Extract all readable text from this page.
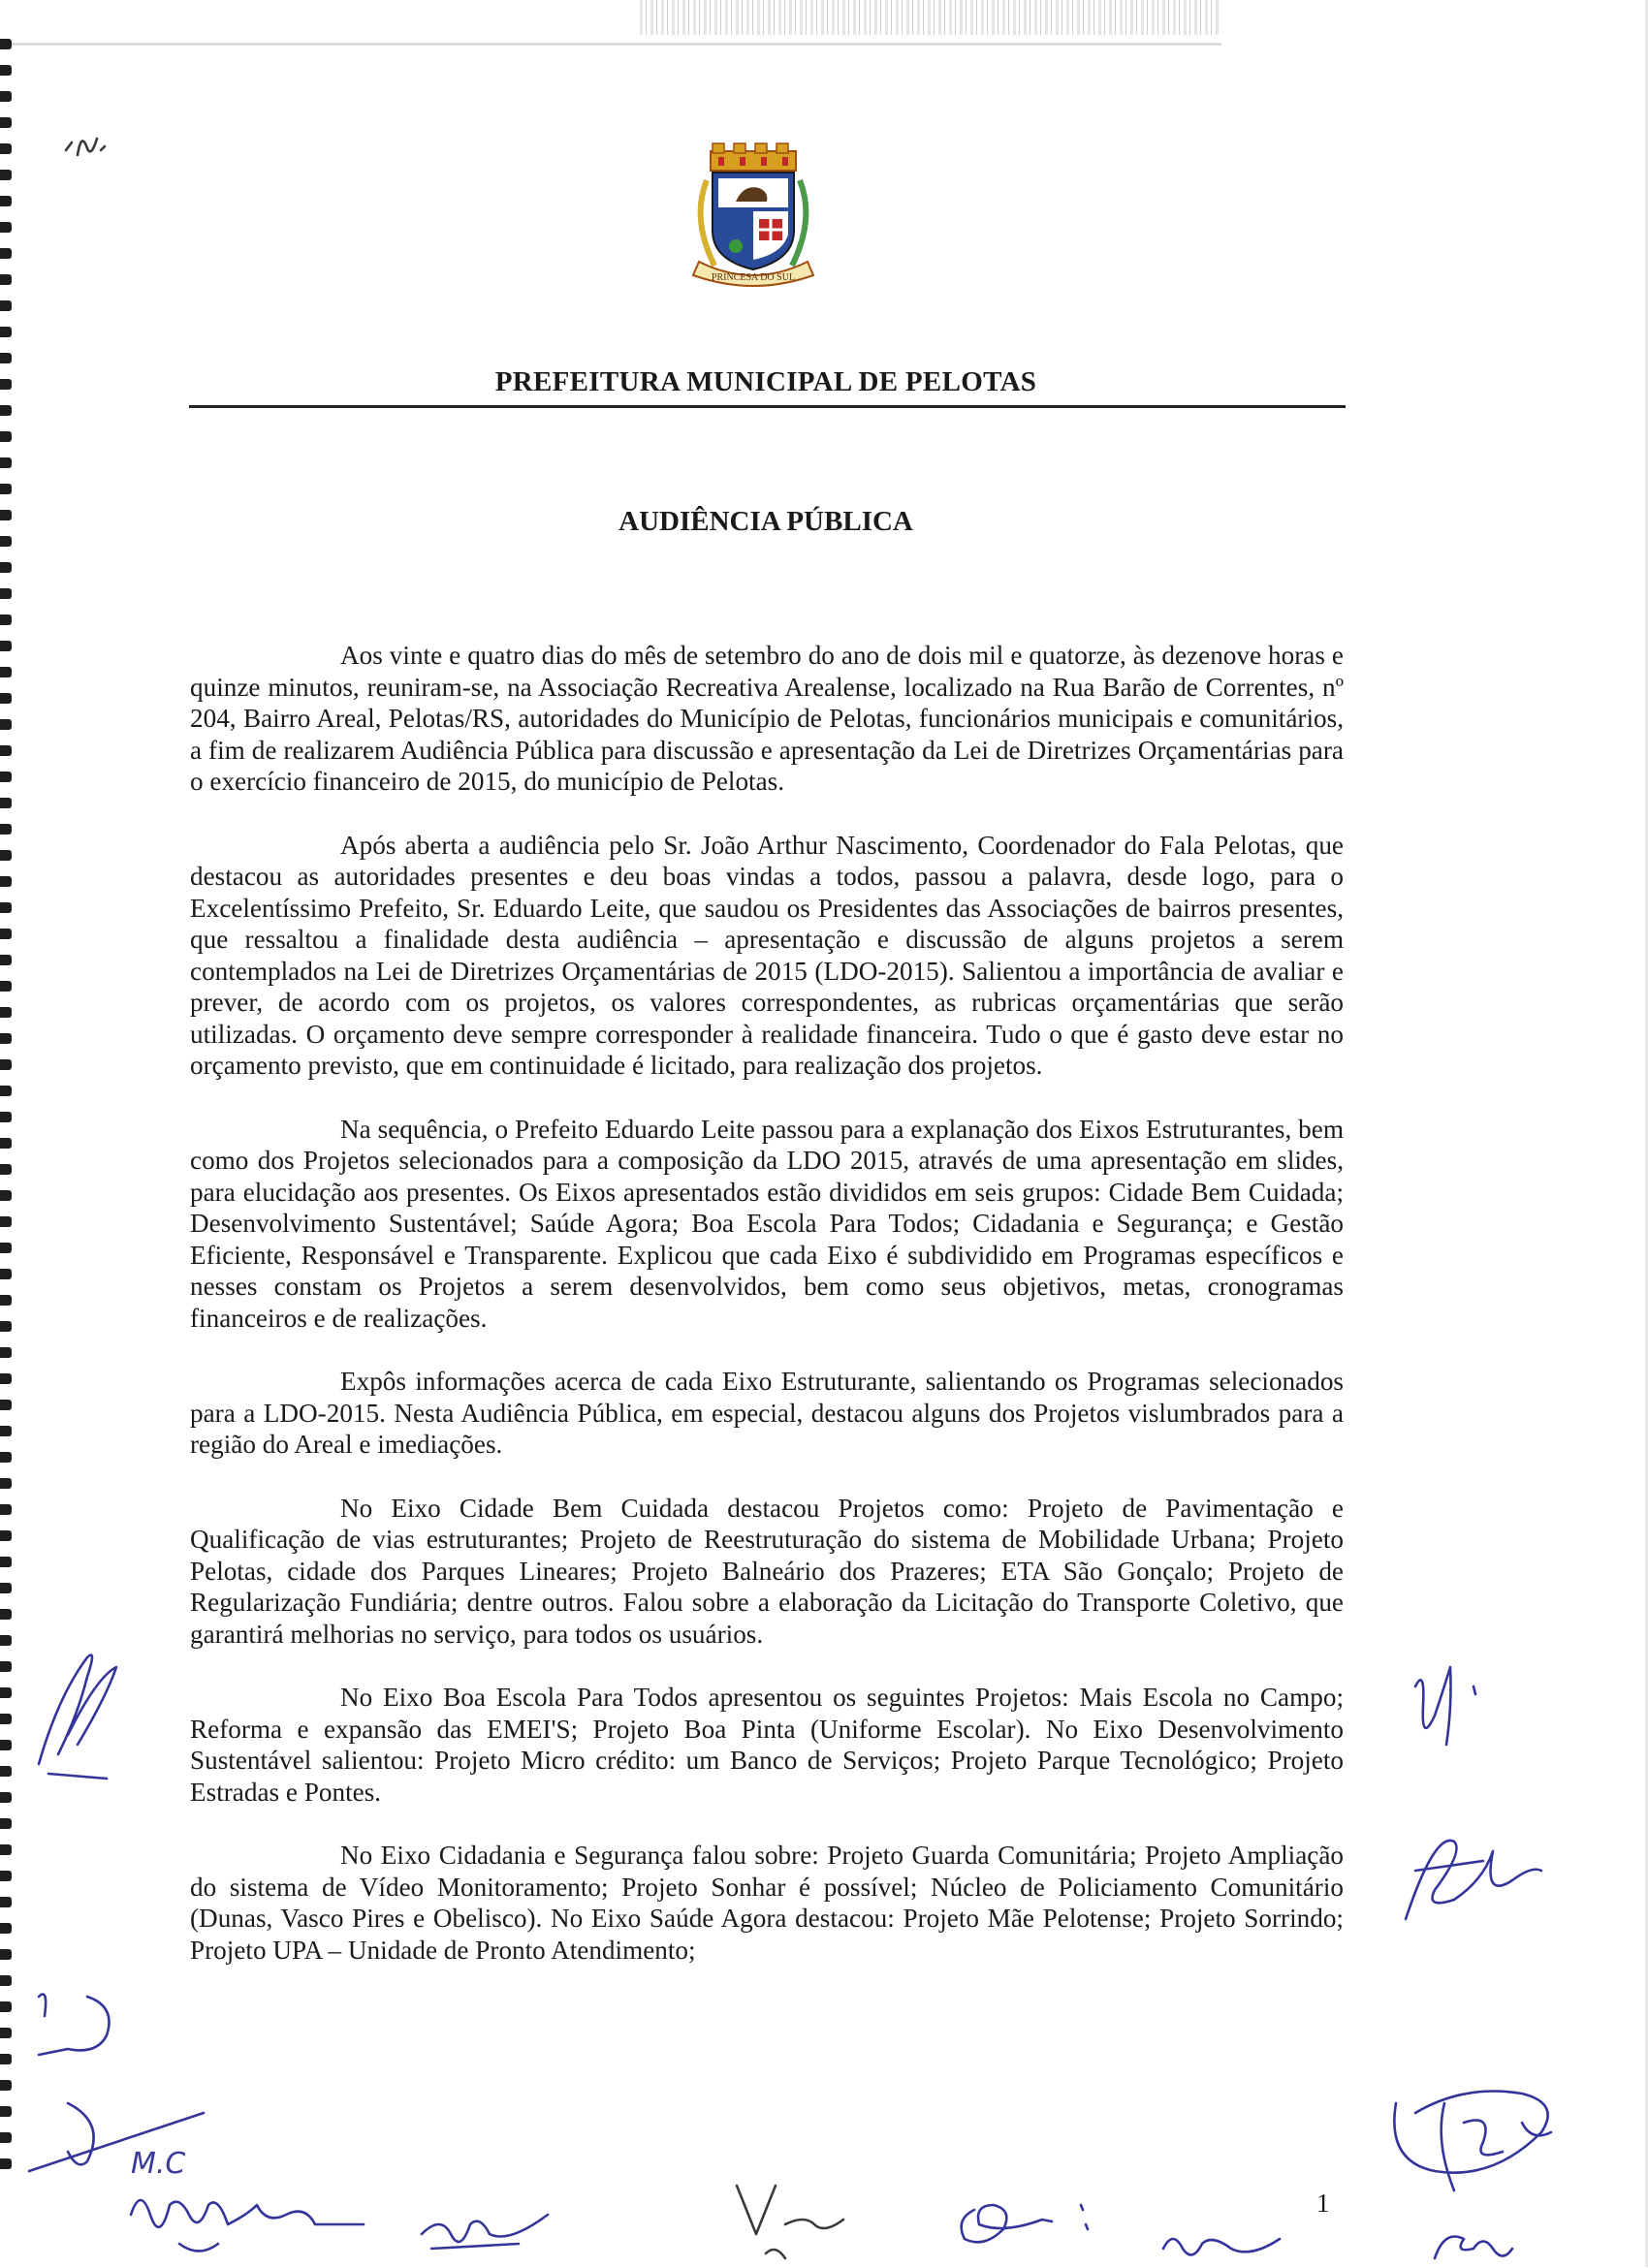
PRINCESA DO SUL
PREFEITURA MUNICIPAL DE PELOTAS
AUDIÊNCIA PÚBLICA

Aos vinte e quatro dias do mês de setembro do ano de dois mil e quatorze, às dezenove horas e quinze minutos, reuniram-se, na Associação Recreativa Arealense, localizado na Rua Barão de Correntes, nº 204, Bairro Areal, Pelotas/RS, autoridades do Município de Pelotas, funcionários municipais e comunitários, a fim de realizarem Audiência Pública para discussão e apresentação da Lei de Diretrizes Orçamentárias para o exercício financeiro de 2015, do município de Pelotas.

Após aberta a audiência pelo Sr. João Arthur Nascimento, Coordenador do Fala Pelotas, que destacou as autoridades presentes e deu boas vindas a todos, passou a palavra, desde logo, para o Excelentíssimo Prefeito, Sr. Eduardo Leite, que saudou os Presidentes das Associações de bairros presentes, que ressaltou a finalidade desta audiência – apresentação e discussão de alguns projetos a serem contemplados na Lei de Diretrizes Orçamentárias de 2015 (LDO-2015). Salientou a importância de avaliar e prever, de acordo com os projetos, os valores correspondentes, as rubricas orçamentárias que serão utilizadas. O orçamento deve sempre corresponder à realidade financeira. Tudo o que é gasto deve estar no orçamento previsto, que em continuidade é licitado, para realização dos projetos.

Na sequência, o Prefeito Eduardo Leite passou para a explanação dos Eixos Estruturantes, bem como dos Projetos selecionados para a composição da LDO 2015, através de uma apresentação em slides, para elucidação aos presentes. Os Eixos apresentados estão divididos em seis grupos: Cidade Bem Cuidada; Desenvolvimento Sustentável; Saúde Agora; Boa Escola Para Todos; Cidadania e Segurança; e Gestão Eficiente, Responsável e Transparente. Explicou que cada Eixo é subdividido em Programas específicos e nesses constam os Projetos a serem desenvolvidos, bem como seus objetivos, metas, cronogramas financeiros e de realizações.

Expôs informações acerca de cada Eixo Estruturante, salientando os Programas selecionados para a LDO-2015. Nesta Audiência Pública, em especial, destacou alguns dos Projetos vislumbrados para a região do Areal e imediações.

No Eixo Cidade Bem Cuidada destacou Projetos como: Projeto de Pavimentação e Qualificação de vias estruturantes; Projeto de Reestruturação do sistema de Mobilidade Urbana; Projeto Pelotas, cidade dos Parques Lineares; Projeto Balneário dos Prazeres; ETA São Gonçalo; Projeto de Regularização Fundiária; dentre outros. Falou sobre a elaboração da Licitação do Transporte Coletivo, que garantirá melhorias no serviço, para todos os usuários.

No Eixo Boa Escola Para Todos apresentou os seguintes Projetos: Mais Escola no Campo; Reforma e expansão das EMEI'S; Projeto Boa Pinta (Uniforme Escolar). No Eixo Desenvolvimento Sustentável salientou: Projeto Micro crédito: um Banco de Serviços; Projeto Parque Tecnológico; Projeto Estradas e Pontes.

No Eixo Cidadania e Segurança falou sobre: Projeto Guarda Comunitária; Projeto Ampliação do sistema de Vídeo Monitoramento; Projeto Sonhar é possível; Núcleo de Policiamento Comunitário (Dunas, Vasco Pires e Obelisco). No Eixo Saúde Agora destacou: Projeto Mãe Pelotense; Projeto Sorrindo; Projeto UPA – Unidade de Pronto Atendimento;

1
M.C
